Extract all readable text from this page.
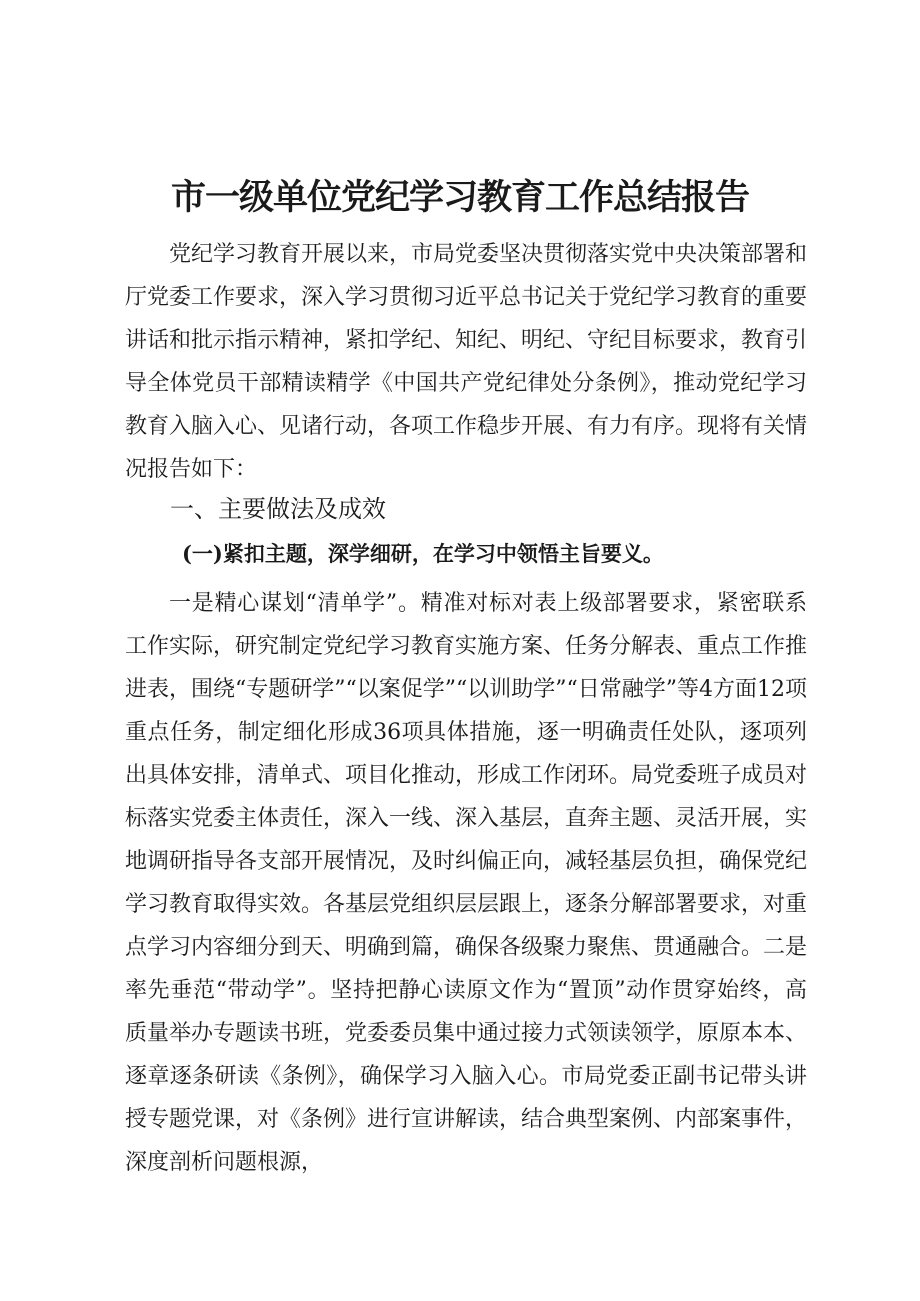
市一级单位党纪学习教育工作总结报告

党纪学习教育开展以来，市局党委坚决贯彻落实党中央决策部署和厅党委工作要求，深入学习贯彻习近平总书记关于党纪学习教育的重要讲话和批示指示精神，紧扣学纪、知纪、明纪、守纪目标要求，教育引导全体党员干部精读精学《中国共产党纪律处分条例》，推动党纪学习教育入脑入心、见诸行动，各项工作稳步开展、有力有序。现将有关情况报告如下：

一、主要做法及成效
(一)紧扣主题，深学细研，在学习中领悟主旨要义。

一是精心谋划“清单学”。精准对标对表上级部署要求，紧密联系工作实际，研究制定党纪学习教育实施方案、任务分解表、重点工作推进表，围绕“专题研学”“以案促学”“以训助学”“日常融学”等4方面12项重点任务，制定细化形成36项具体措施，逐一明确责任处队，逐项列出具体安排，清单式、项目化推动，形成工作闭环。局党委班子成员对标落实党委主体责任，深入一线、深入基层，直奔主题、灵活开展，实地调研指导各支部开展情况，及时纠偏正向，减轻基层负担，确保党纪学习教育取得实效。各基层党组织层层跟上，逐条分解部署要求，对重点学习内容细分到天、明确到篇，确保各级聚力聚焦、贯通融合。二是率先垂范“带动学”。坚持把静心读原文作为“置顶”动作贯穿始终，高质量举办专题读书班，党委委员集中通过接力式领读领学，原原本本、逐章逐条研读《条例》，确保学习入脑入心。市局党委正副书记带头讲授专题党课，对《条例》进行宣讲解读，结合典型案例、内部案事件，深度剖析问题根源，
